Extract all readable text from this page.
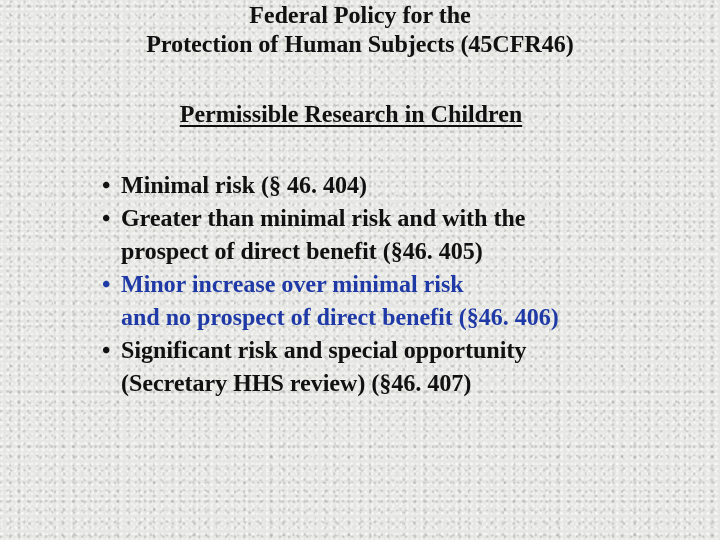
Federal Policy for the
Protection of Human Subjects (45CFR46)
Permissible Research in Children
• Minimal risk (§ 46. 404)
• Greater than minimal risk and with the
prospect of direct benefit (§46. 405)
• Minor increase over minimal risk
and no prospect of direct benefit (§46. 406)
• Significant risk and special opportunity
(Secretary HHS review) (§46. 407)
